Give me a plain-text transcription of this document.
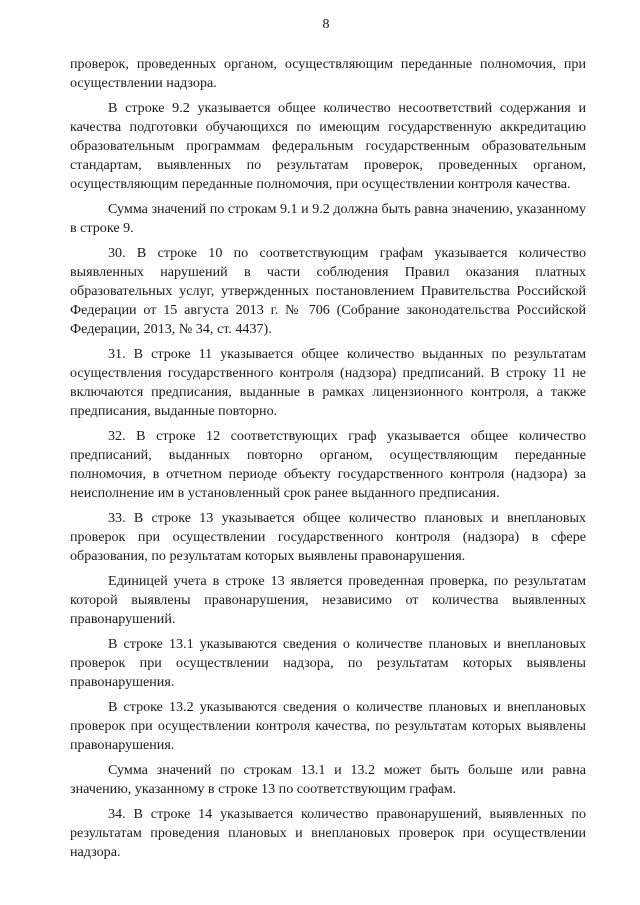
8

проверок, проведенных органом, осуществляющим переданные полномочия, при осуществлении надзора.

В строке 9.2 указывается общее количество несоответствий содержания и качества подготовки обучающихся по имеющим государственную аккредитацию образовательным программам федеральным государственным образовательным стандартам, выявленных по результатам проверок, проведенных органом, осуществляющим переданные полномочия, при осуществлении контроля качества.

Сумма значений по строкам 9.1 и 9.2 должна быть равна значению, указанному в строке 9.

30. В строке 10 по соответствующим графам указывается количество выявленных нарушений в части соблюдения Правил оказания платных образовательных услуг, утвержденных постановлением Правительства Российской Федерации от 15 августа 2013 г. № 706 (Собрание законодательства Российской Федерации, 2013, № 34, ст. 4437).

31. В строке 11 указывается общее количество выданных по результатам осуществления государственного контроля (надзора) предписаний. В строку 11 не включаются предписания, выданные в рамках лицензионного контроля, а также предписания, выданные повторно.

32. В строке 12 соответствующих граф указывается общее количество предписаний, выданных повторно органом, осуществляющим переданные полномочия, в отчетном периоде объекту государственного контроля (надзора) за неисполнение им в установленный срок ранее выданного предписания.

33. В строке 13 указывается общее количество плановых и внеплановых проверок при осуществлении государственного контроля (надзора) в сфере образования, по результатам которых выявлены правонарушения.

Единицей учета в строке 13 является проведенная проверка, по результатам которой выявлены правонарушения, независимо от количества выявленных правонарушений.

В строке 13.1 указываются сведения о количестве плановых и внеплановых проверок при осуществлении надзора, по результатам которых выявлены правонарушения.

В строке 13.2 указываются сведения о количестве плановых и внеплановых проверок при осуществлении контроля качества, по результатам которых выявлены правонарушения.

Сумма значений по строкам 13.1 и 13.2 может быть больше или равна значению, указанному в строке 13 по соответствующим графам.

34. В строке 14 указывается количество правонарушений, выявленных по результатам проведения плановых и внеплановых проверок при осуществлении надзора.
